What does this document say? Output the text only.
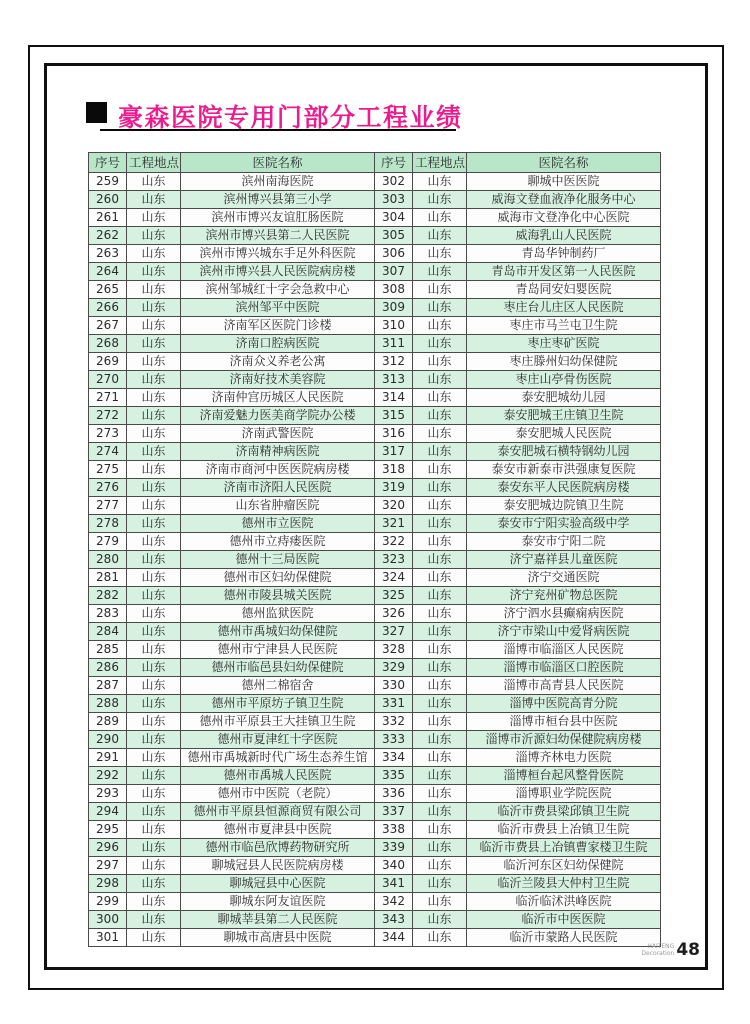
豪森医院专用门部分工程业绩
序号	工程地点	医院名称	序号	工程地点	医院名称
259	山东	滨州南海医院	302	山东	聊城中医医院
260	山东	滨州博兴县第三小学	303	山东	威海文登血液净化服务中心
261	山东	滨州市博兴友谊肛肠医院	304	山东	威海市文登净化中心医院
262	山东	滨州市博兴县第二人民医院	305	山东	威海乳山人民医院
263	山东	滨州市博兴城东手足外科医院	306	山东	青岛华钟制药厂
264	山东	滨州市博兴县人民医院病房楼	307	山东	青岛市开发区第一人民医院
265	山东	滨州邹城红十字会急救中心	308	山东	青岛同安妇婴医院
266	山东	滨州邹平中医院	309	山东	枣庄台儿庄区人民医院
267	山东	济南军区医院门诊楼	310	山东	枣庄市马兰屯卫生院
268	山东	济南口腔病医院	311	山东	枣庄枣矿医院
269	山东	济南众义养老公寓	312	山东	枣庄滕州妇幼保健院
270	山东	济南好技术美容院	313	山东	枣庄山亭骨伤医院
271	山东	济南仲宫历城区人民医院	314	山东	泰安肥城幼儿园
272	山东	济南爱魅力医美商学院办公楼	315	山东	泰安肥城王庄镇卫生院
273	山东	济南武警医院	316	山东	泰安肥城人民医院
274	山东	济南精神病医院	317	山东	泰安肥城石横特钢幼儿园
275	山东	济南市商河中医医院病房楼	318	山东	泰安市新泰市洪强康复医院
276	山东	济南市济阳人民医院	319	山东	泰安东平人民医院病房楼
277	山东	山东省肿瘤医院	320	山东	泰安肥城边院镇卫生院
278	山东	德州市立医院	321	山东	泰安市宁阳实验高级中学
279	山东	德州市立痔瘘医院	322	山东	泰安市宁阳二院
280	山东	德州十三局医院	323	山东	济宁嘉祥县儿童医院
281	山东	德州市区妇幼保健院	324	山东	济宁交通医院
282	山东	德州市陵县城关医院	325	山东	济宁兖州矿物总医院
283	山东	德州监狱医院	326	山东	济宁泗水县癫痫病医院
284	山东	德州市禹城妇幼保健院	327	山东	济宁市梁山中爱肾病医院
285	山东	德州市宁津县人民医院	328	山东	淄博市临淄区人民医院
286	山东	德州市临邑县妇幼保健院	329	山东	淄博市临淄区口腔医院
287	山东	德州二棉宿舍	330	山东	淄博市高青县人民医院
288	山东	德州市平原坊子镇卫生院	331	山东	淄博中医院高青分院
289	山东	德州市平原县王大挂镇卫生院	332	山东	淄博市桓台县中医院
290	山东	德州市夏津红十字医院	333	山东	淄博市沂源妇幼保健院病房楼
291	山东	德州市禹城新时代广场生态养生馆	334	山东	淄博齐林电力医院
292	山东	德州市禹城人民医院	335	山东	淄博桓台起风整骨医院
293	山东	德州市中医院（老院）	336	山东	淄博职业学院医院
294	山东	德州市平原县恒源商贸有限公司	337	山东	临沂市费县梁邱镇卫生院
295	山东	德州市夏津县中医院	338	山东	临沂市费县上冶镇卫生院
296	山东	德州市临邑欣博药物研究所	339	山东	临沂市费县上冶镇曹家楼卫生院
297	山东	聊城冠县人民医院病房楼	340	山东	临沂河东区妇幼保健院
298	山东	聊城冠县中心医院	341	山东	临沂兰陵县大仲村卫生院
299	山东	聊城东阿友谊医院	342	山东	临沂临沭洪峰医院
300	山东	聊城莘县第二人民医院	343	山东	临沂市中医医院
301	山东	聊城市高唐县中医院	344	山东	临沂市蒙路人民医院
HAITENG
Decoration 48
